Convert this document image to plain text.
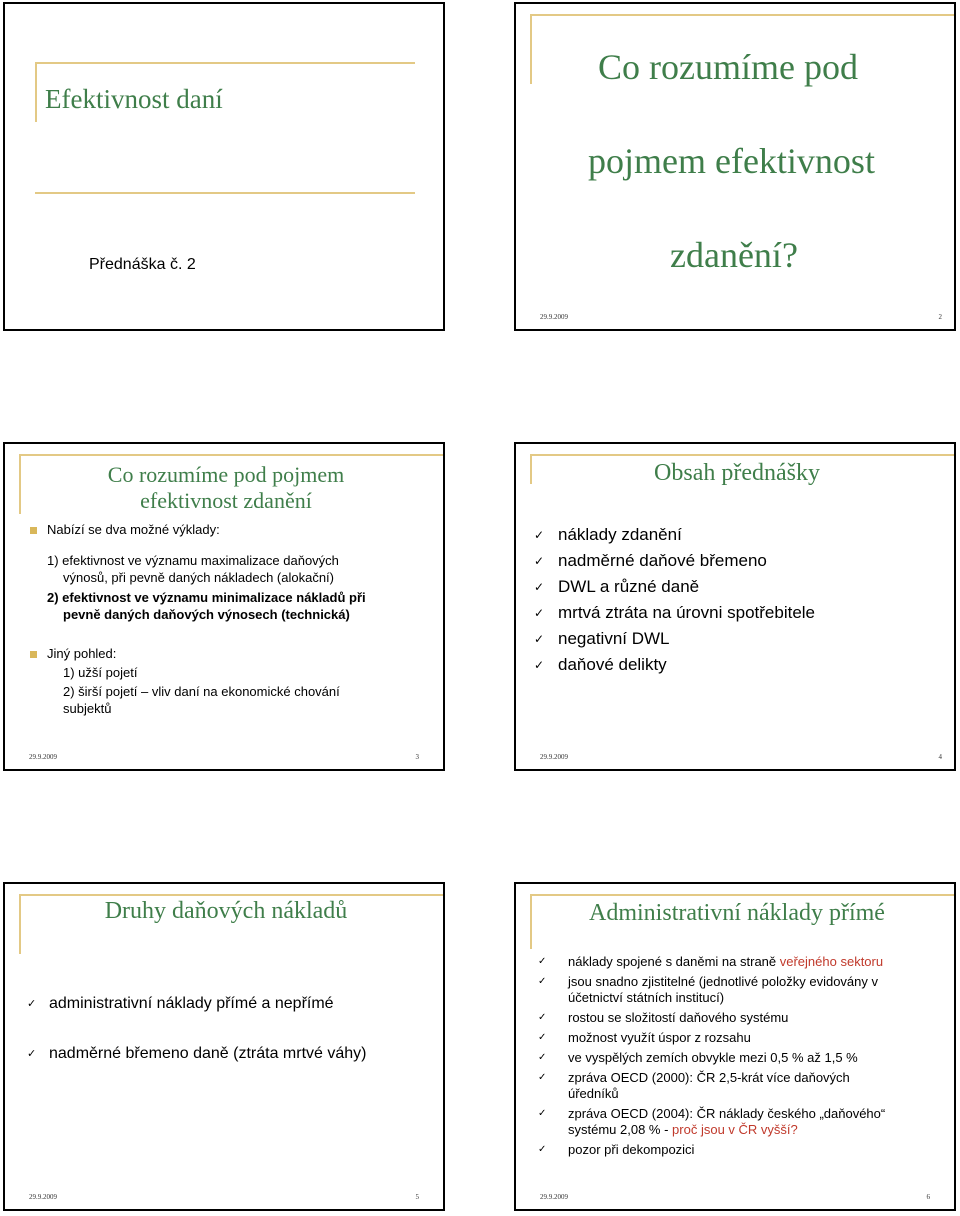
Efektivnost daní
Přednáška č. 2
Co rozumíme pod
pojmem efektivnost
zdanění?
29.9.2009	2
Co rozumíme pod pojmem
efektivnost zdanění
Nabízí se dva možné výklady:
1) efektivnost ve významu maximalizace daňových
výnosů, při pevně daných nákladech (alokační)
2) efektivnost ve významu minimalizace nákladů při
pevně daných daňových výnosech (technická)
Jiný pohled:
1) užší pojetí
2) širší pojetí – vliv daní na ekonomické chování
subjektů
29.9.2009	3
Obsah přednášky
✓ náklady zdanění
✓ nadměrné daňové břemeno
✓ DWL a různé daně
✓ mrtvá ztráta na úrovni spotřebitele
✓ negativní DWL
✓ daňové delikty
29.9.2009	4
Druhy daňových nákladů
✓ administrativní náklady přímé a nepřímé
✓ nadměrné břemeno daně (ztráta mrtvé váhy)
29.9.2009	5
Administrativní náklady přímé
✓ náklady spojené s daněmi na straně veřejného sektoru
✓ jsou snadno zjistitelné (jednotlivé položky evidovány v
účetnictví státních institucí)
✓ rostou se složitostí daňového systému
✓ možnost využít úspor z rozsahu
✓ ve vyspělých zemích obvykle mezi 0,5 % až 1,5 %
✓ zpráva OECD (2000): ČR 2,5-krát více daňových
úředníků
✓ zpráva OECD (2004): ČR náklady českého „daňového“
systému 2,08 % - proč jsou v ČR vyšší?
✓ pozor při dekompozici
29.9.2009	6
